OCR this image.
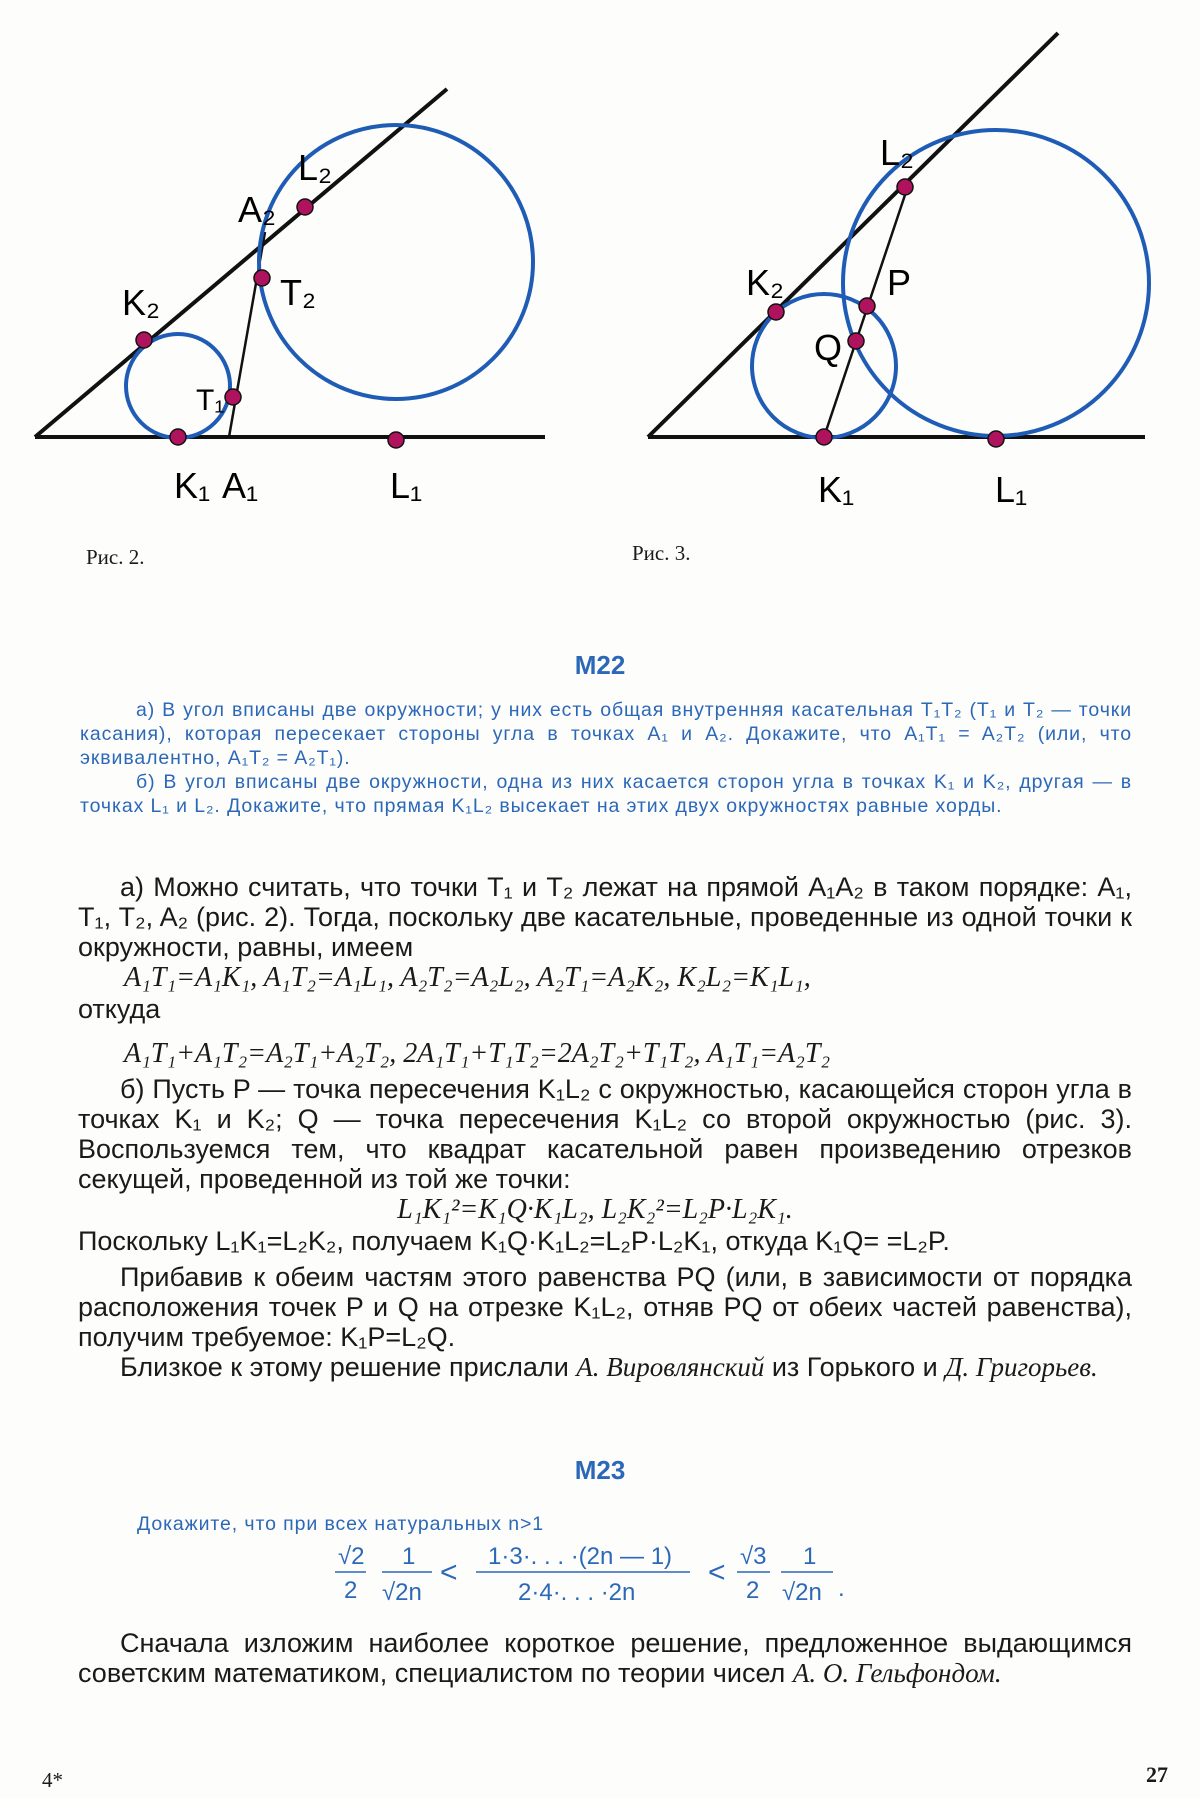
L₂
A₂
T₂
K₂
T₁
K₁ A₁	L₁
Рис. 2.
L₂
K₂	P
Q
K₁	L₁
Рис. 3.
M22

а) В угол вписаны две окружности; у них есть общая внутренняя касательная T₁T₂ (T₁ и T₂ — точки касания), которая пересекает стороны угла в точках A₁ и A₂. Докажите, что A₁T₁ = A₂T₂ (или, что эквивалентно, A₁T₂ = A₂T₁).

б) В угол вписаны две окружности, одна из них касается сторон угла в точках K₁ и K₂, другая — в точках L₁ и L₂. Докажите, что прямая K₁L₂ высекает на этих двух окружностях равные хорды.

а) Можно считать, что точки T₁ и T₂ лежат на прямой A₁A₂ в таком порядке: A₁, T₁, T₂, A₂ (рис. 2). Тогда, поскольку две касательные, проведенные из одной точки к окружности, равны, имеем

A₁T₁=A₁K₁, A₁T₂=A₁L₁, A₂T₂=A₂L₂, A₂T₁=A₂K₂, K₂L₂=K₁L₁,
откуда
A₁T₁+A₁T₂=A₂T₁+A₂T₂, 2A₁T₁+T₁T₂=2A₂T₂+T₁T₂, A₁T₁=A₂T₂

б) Пусть P — точка пересечения K₁L₂ с окружностью, касающейся сторон угла в точках K₁ и K₂; Q — точка пересечения K₁L₂ со второй окружностью (рис. 3). Воспользуемся тем, что квадрат касательной равен произведению отрезков секущей, проведенной из той же точки:

L₁K₁²=K₁Q·K₁L₂, L₂K₂²=L₂P·L₂K₁.

Поскольку L₁K₁=L₂K₂, получаем K₁Q·K₁L₂=L₂P·L₂K₁, откуда K₁Q= =L₂P.

Прибавив к обеим частям этого равенства PQ (или, в зависимости от порядка расположения точек P и Q на отрезке K₁L₂, отняв PQ от обеих частей равенства), получим требуемое: K₁P=L₂Q.

Близкое к этому решение прислали А. Вировлянский из Горького и Д. Григорьев.

M23
Докажите, что при всех натуральных n>1
√2
2
1
√2n
< 1·3·. . . ·(2n — 1)
2·4·. . . ·2n
< √3
2
1
√2n .

Сначала изложим наиболее короткое решение, предложенное выдающимся советским математиком, специалистом по теории чисел А. О. Гельфондом.

4*	27
